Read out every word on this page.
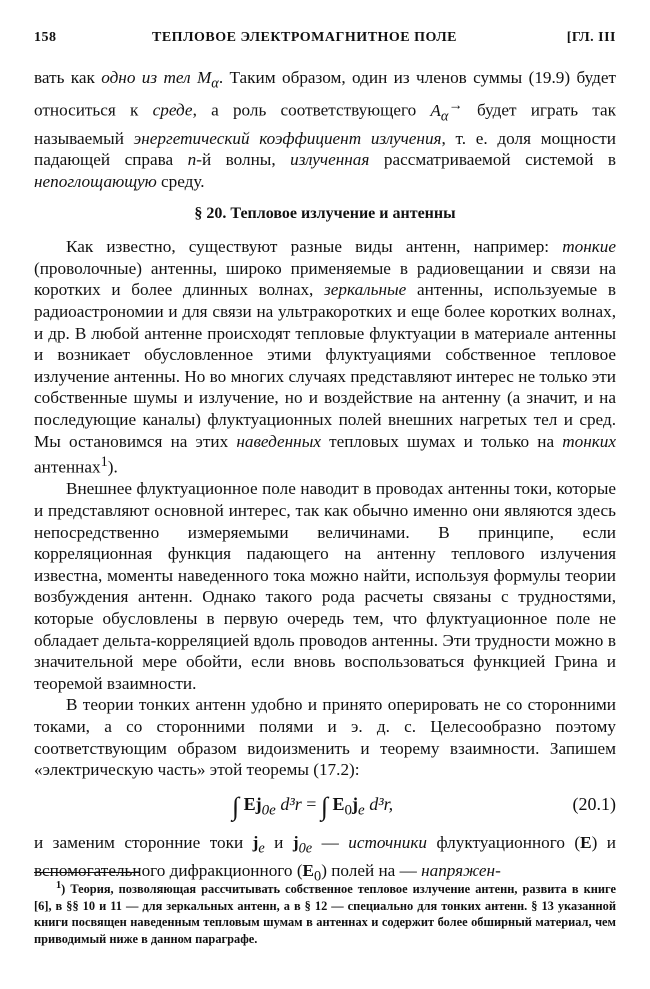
158	ТЕПЛОВОЕ ЭЛЕКТРОМАГНИТНОЕ ПОЛЕ	[ГЛ. III

вать как одно из тел $M_\alpha$. Таким образом, один из членов суммы (19.9) будет относиться к среде, а роль соответствующего $A_\alpha^\to$ будет играть так называемый энергетический коэффициент излучения, т. е. доля мощности падающей справа n-й волны, излученная рассматриваемой системой в непоглощающую среду.

§ 20. Тепловое излучение и антенны

Как известно, существуют разные виды антенн, например: тонкие (проволочные) антенны, широко применяемые в радиовещании и связи на коротких и более длинных волнах, зеркальные антенны, используемые в радиоастрономии и для связи на ультракоротких и еще более коротких волнах, и др. В любой антенне происходят тепловые флуктуации в материале антенны и возникает обусловленное этими флуктуациями собственное тепловое излучение антенны. Но во многих случаях представляют интерес не только эти собственные шумы и излучение, но и воздействие на антенну (а значит, и на последующие каналы) флуктуационных полей внешних нагретых тел и сред. Мы остановимся на этих наведенных тепловых шумах и только на тонких антеннах$^1$).

Внешнее флуктуационное поле наводит в проводах антенны токи, которые и представляют основной интерес, так как обычно именно они являются здесь непосредственно измеряемыми величинами. В принципе, если корреляционная функция падающего на антенну теплового излучения известна, моменты наведенного тока можно найти, используя формулы теории возбуждения антенн. Однако такого рода расчеты связаны с трудностями, которые обусловлены в первую очередь тем, что флуктуационное поле не обладает дельта-корреляцией вдоль проводов антенны. Эти трудности можно в значительной мере обойти, если вновь воспользоваться функцией Грина и теоремой взаимности.

В теории тонких антенн удобно и принято оперировать не со сторонними токами, а со сторонними полями и э. д. с. Целесообразно поэтому соответствующим образом видоизменить и теорему взаимности. Запишем «электрическую часть» этой теоремы (17.2):

∫ $Ej_{0e}$ d³r = ∫ $E_0j_e$ d³r,	(20.1)

и заменим сторонние токи $j_e$ и $j_{0e}$ — источники флуктуационного (E) и вспомогательного дифракционного $(E_0)$ полей на — напряжен-

$^1$) Теория, позволяющая рассчитывать собственное тепловое излучение антенн, развита в книге [6], в §§ 10 и 11 — для зеркальных антенн, а в § 12 — специально для тонких антенн. § 13 указанной книги посвящен наведенным тепловым шумам в антеннах и содержит более обширный материал, чем приводимый ниже в данном параграфе.
